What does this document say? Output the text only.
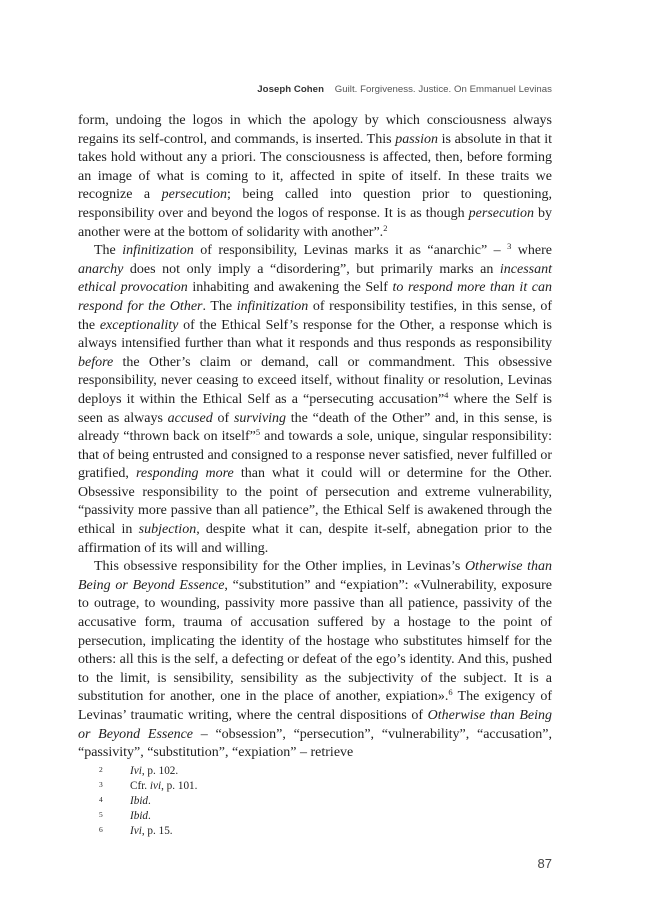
Joseph Cohen Guilt. Forgiveness. Justice. On Emmanuel Levinas

form, undoing the logos in which the apology by which consciousness always regains its self-control, and commands, is inserted. This passion is absolute in that it takes hold without any a priori. The consciousness is affected, then, before forming an image of what is coming to it, affected in spite of itself. In these traits we recognize a persecution; being called into question prior to questioning, responsibility over and beyond the logos of response. It is as though persecution by another were at the bottom of solidarity with another”.$^2$

The infinitization of responsibility, Levinas marks it as “anarchic” – $^3$ where anarchy does not only imply a “disordering”, but primarily marks an incessant ethical provocation inhabiting and awakening the Self to respond more than it can respond for the Other. The infinitization of responsibility testifies, in this sense, of the exceptionality of the Ethical Self’s response for the Other, a response which is always intensified further than what it responds and thus responds as responsibility before the Other’s claim or demand, call or commandment. This obsessive responsibility, never ceasing to exceed itself, without finality or resolution, Levinas deploys it within the Ethical Self as a “persecuting accusation”$^4$ where the Self is seen as always accused of surviving the “death of the Other” and, in this sense, is already “thrown back on itself”$^5$ and towards a sole, unique, singular responsibility: that of being entrusted and consigned to a response never satisfied, never fulfilled or gratified, responding more than what it could will or determine for the Other. Obsessive responsibility to the point of persecution and extreme vulnerability, “passivity more passive than all patience”, the Ethical Self is awakened through the ethical in subjection, despite what it can, despite it-self, abnegation prior to the affirmation of its will and willing.

This obsessive responsibility for the Other implies, in Levinas’s Otherwise than Being or Beyond Essence, “substitution” and “expiation”: «Vulnerability, exposure to outrage, to wounding, passivity more passive than all patience, passivity of the accusative form, trauma of accusation suffered by a hostage to the point of persecution, implicating the identity of the hostage who substitutes himself for the others: all this is the self, a defecting or defeat of the ego’s identity. And this, pushed to the limit, is sensibility, sensibility as the subjectivity of the subject. It is a substitution for another, one in the place of another, expiation».$^6$ The exigency of Levinas’ traumatic writing, where the central dispositions of Otherwise than Being or Beyond Essence – “obsession”, “persecution”, “vulnerability”, “accusation”, “passivity”, “substitution”, “expiation” – retrieve

2 Ivi, p. 102.
3 Cfr. ivi, p. 101.
4 Ibid.
5 Ibid.
6 Ivi, p. 15.
87
